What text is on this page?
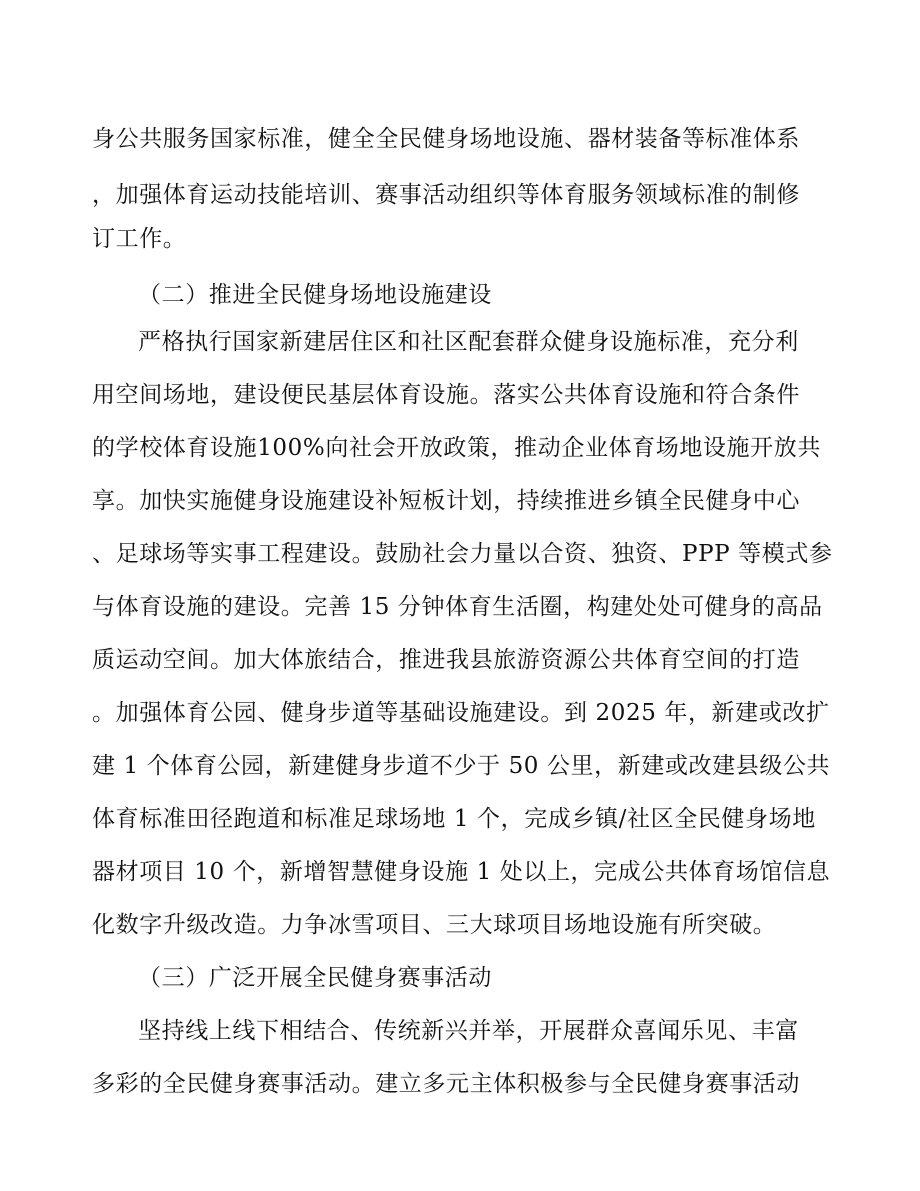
身公共服务国家标准，健全全民健身场地设施、器材装备等标准体系
，加强体育运动技能培训、赛事活动组织等体育服务领域标准的制修
订工作。
（二）推进全民健身场地设施建设
严格执行国家新建居住区和社区配套群众健身设施标准，充分利
用空间场地，建设便民基层体育设施。落实公共体育设施和符合条件
的学校体育设施100%向社会开放政策，推动企业体育场地设施开放共
享。加快实施健身设施建设补短板计划，持续推进乡镇全民健身中心
、足球场等实事工程建设。鼓励社会力量以合资、独资、PPP 等模式参
与体育设施的建设。完善 15 分钟体育生活圈，构建处处可健身的高品
质运动空间。加大体旅结合，推进我县旅游资源公共体育空间的打造
。加强体育公园、健身步道等基础设施建设。到 2025 年，新建或改扩
建 1 个体育公园，新建健身步道不少于 50 公里，新建或改建县级公共
体育标准田径跑道和标准足球场地 1 个，完成乡镇/社区全民健身场地
器材项目 10 个，新增智慧健身设施 1 处以上，完成公共体育场馆信息
化数字升级改造。力争冰雪项目、三大球项目场地设施有所突破。
（三）广泛开展全民健身赛事活动
坚持线上线下相结合、传统新兴并举，开展群众喜闻乐见、丰富
多彩的全民健身赛事活动。建立多元主体积极参与全民健身赛事活动
